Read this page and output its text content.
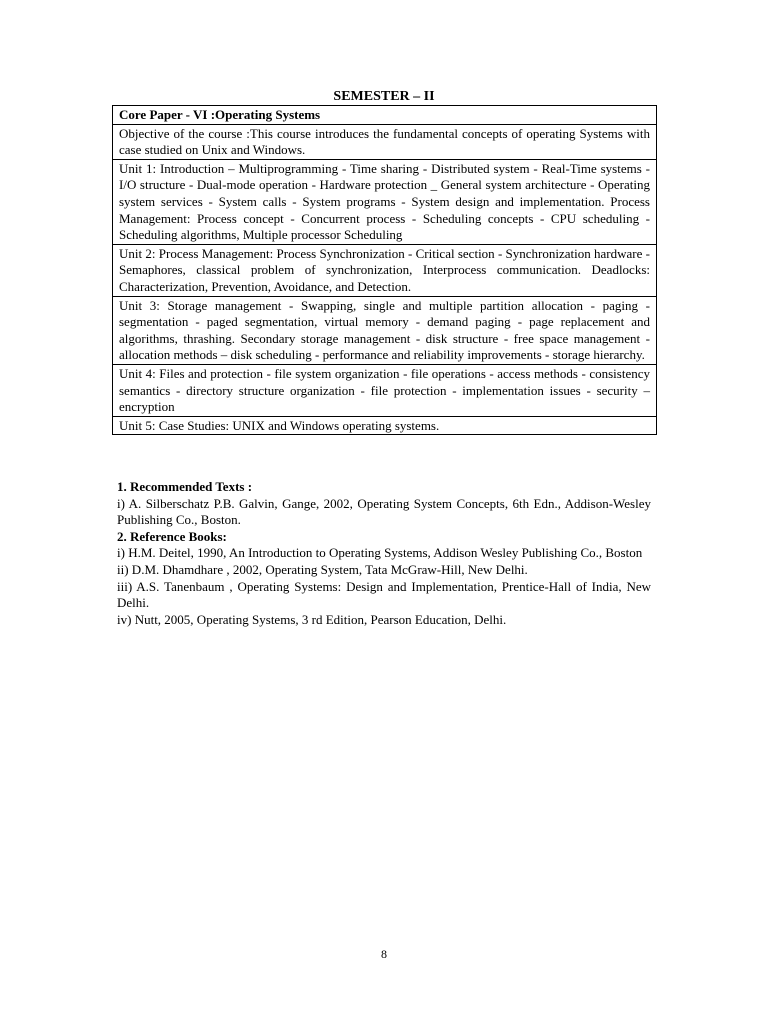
SEMESTER – II
Core Paper - VI :Operating Systems
Objective of the course :This course introduces the fundamental concepts of operating Systems with case studied on Unix and Windows.
Unit 1: Introduction – Multiprogramming - Time sharing - Distributed system - Real-Time systems - I/O structure - Dual-mode operation - Hardware protection _ General system architecture - Operating system services - System calls - System programs - System design and implementation. Process Management: Process concept - Concurrent process - Scheduling concepts - CPU scheduling -Scheduling algorithms, Multiple processor Scheduling
Unit 2: Process Management: Process Synchronization - Critical section - Synchronization hardware - Semaphores, classical problem of synchronization, Interprocess communication. Deadlocks: Characterization, Prevention, Avoidance, and Detection.
Unit 3: Storage management - Swapping, single and multiple partition allocation - paging - segmentation - paged segmentation, virtual memory - demand paging - page replacement and algorithms, thrashing. Secondary storage management - disk structure - free space management - allocation methods – disk scheduling - performance and reliability improvements - storage hierarchy.
Unit 4: Files and protection - file system organization - file operations - access methods - consistency semantics - directory structure organization - file protection - implementation issues - security – encryption
Unit 5: Case Studies: UNIX and Windows operating systems.

1. Recommended Texts :

i) A. Silberschatz P.B. Galvin, Gange, 2002, Operating System Concepts, 6th Edn., Addison-Wesley Publishing Co., Boston.

2. Reference Books:

i) H.M. Deitel, 1990, An Introduction to Operating Systems, Addison Wesley Publishing Co., Boston

ii) D.M. Dhamdhare , 2002, Operating System, Tata McGraw-Hill, New Delhi.

iii) A.S. Tanenbaum , Operating Systems: Design and Implementation, Prentice-Hall of India, New Delhi.

iv) Nutt, 2005, Operating Systems, 3 rd Edition, Pearson Education, Delhi.

8
